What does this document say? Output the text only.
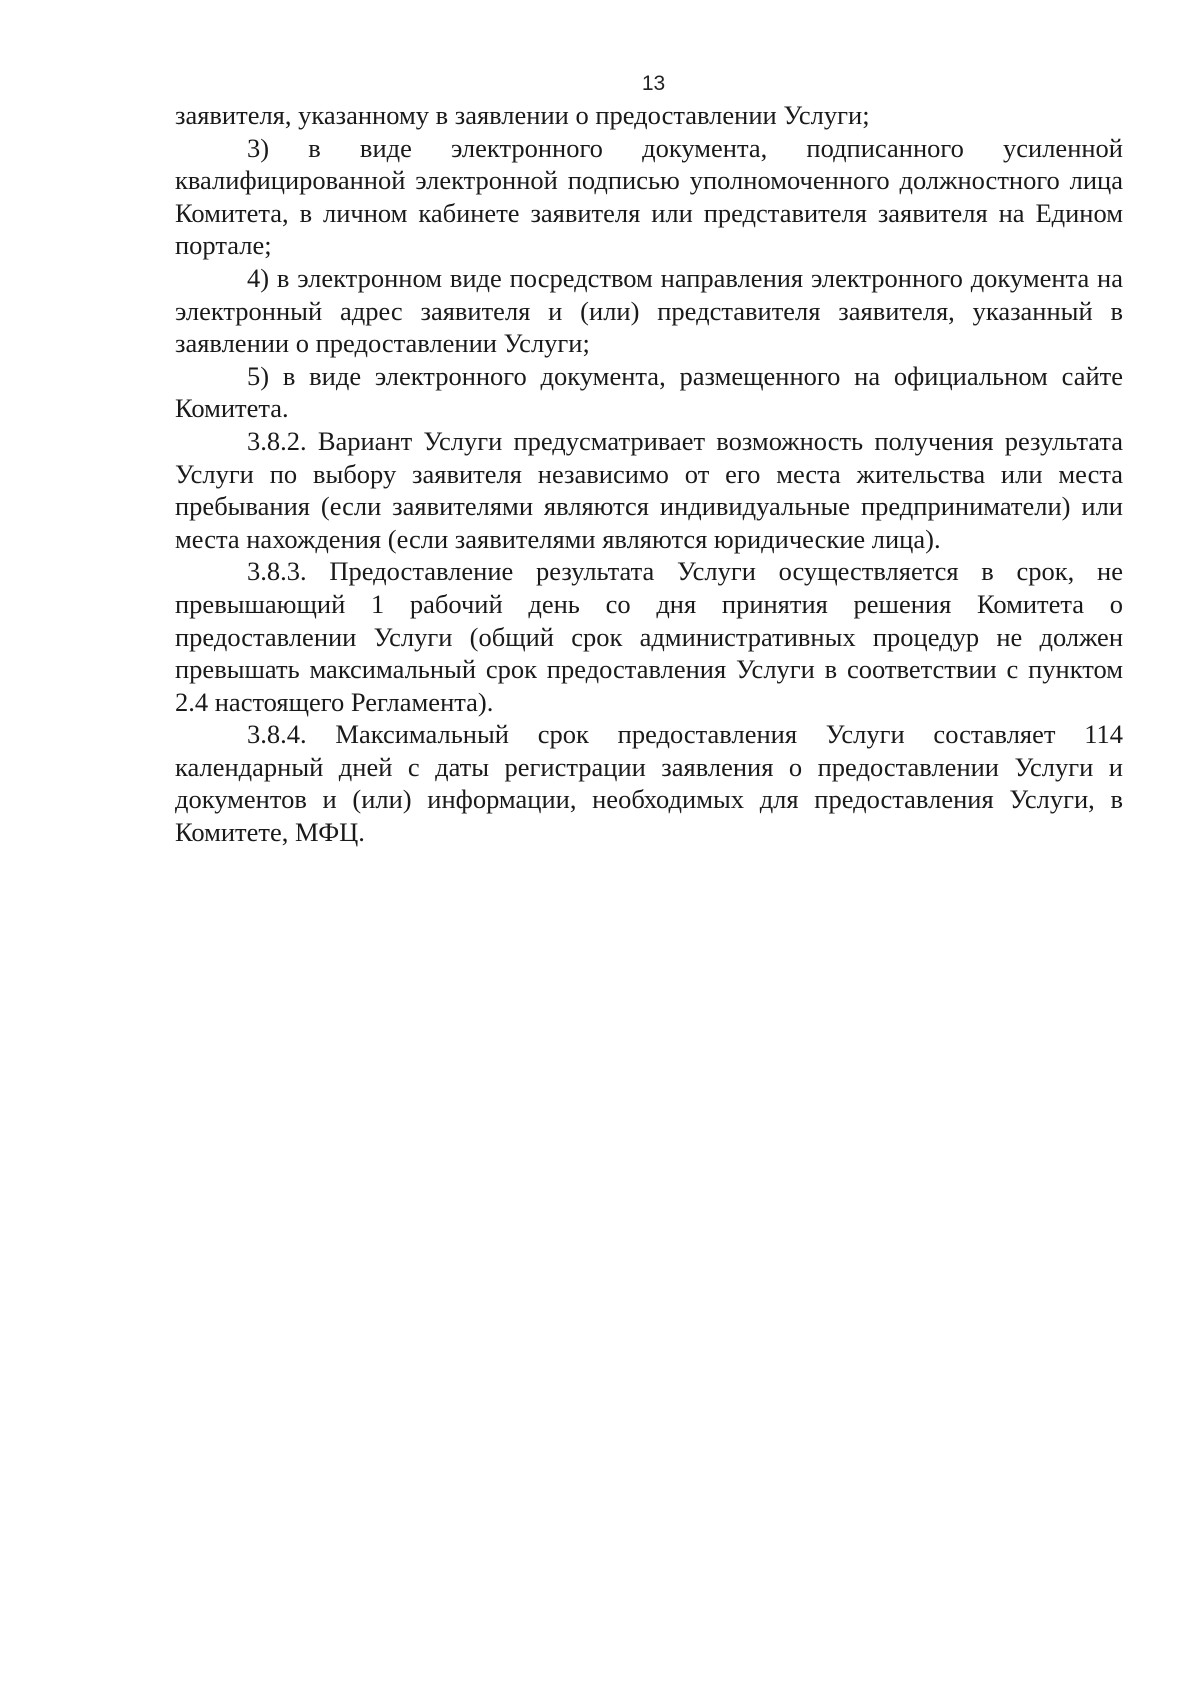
13

заявителя, указанному в заявлении о предоставлении Услуги;

3) в виде электронного документа, подписанного усиленной квалифицированной электронной подписью уполномоченного должностного лица Комитета, в личном кабинете заявителя или представителя заявителя на Едином портале;

4) в электронном виде посредством направления электронного документа на электронный адрес заявителя и (или) представителя заявителя, указанный в заявлении о предоставлении Услуги;

5) в виде электронного документа, размещенного на официальном сайте Комитета.

3.8.2. Вариант Услуги предусматривает возможность получения результата Услуги по выбору заявителя независимо от его места жительства или места пребывания (если заявителями являются индивидуальные предприниматели) или места нахождения (если заявителями являются юридические лица).

3.8.3. Предоставление результата Услуги осуществляется в срок, не превышающий 1 рабочий день со дня принятия решения Комитета о предоставлении Услуги (общий срок административных процедур не должен превышать максимальный срок предоставления Услуги в соответствии с пунктом 2.4 настоящего Регламента).

3.8.4. Максимальный срок предоставления Услуги составляет 114 календарный дней с даты регистрации заявления о предоставлении Услуги и документов и (или) информации, необходимых для предоставления Услуги, в Комитете, МФЦ.
